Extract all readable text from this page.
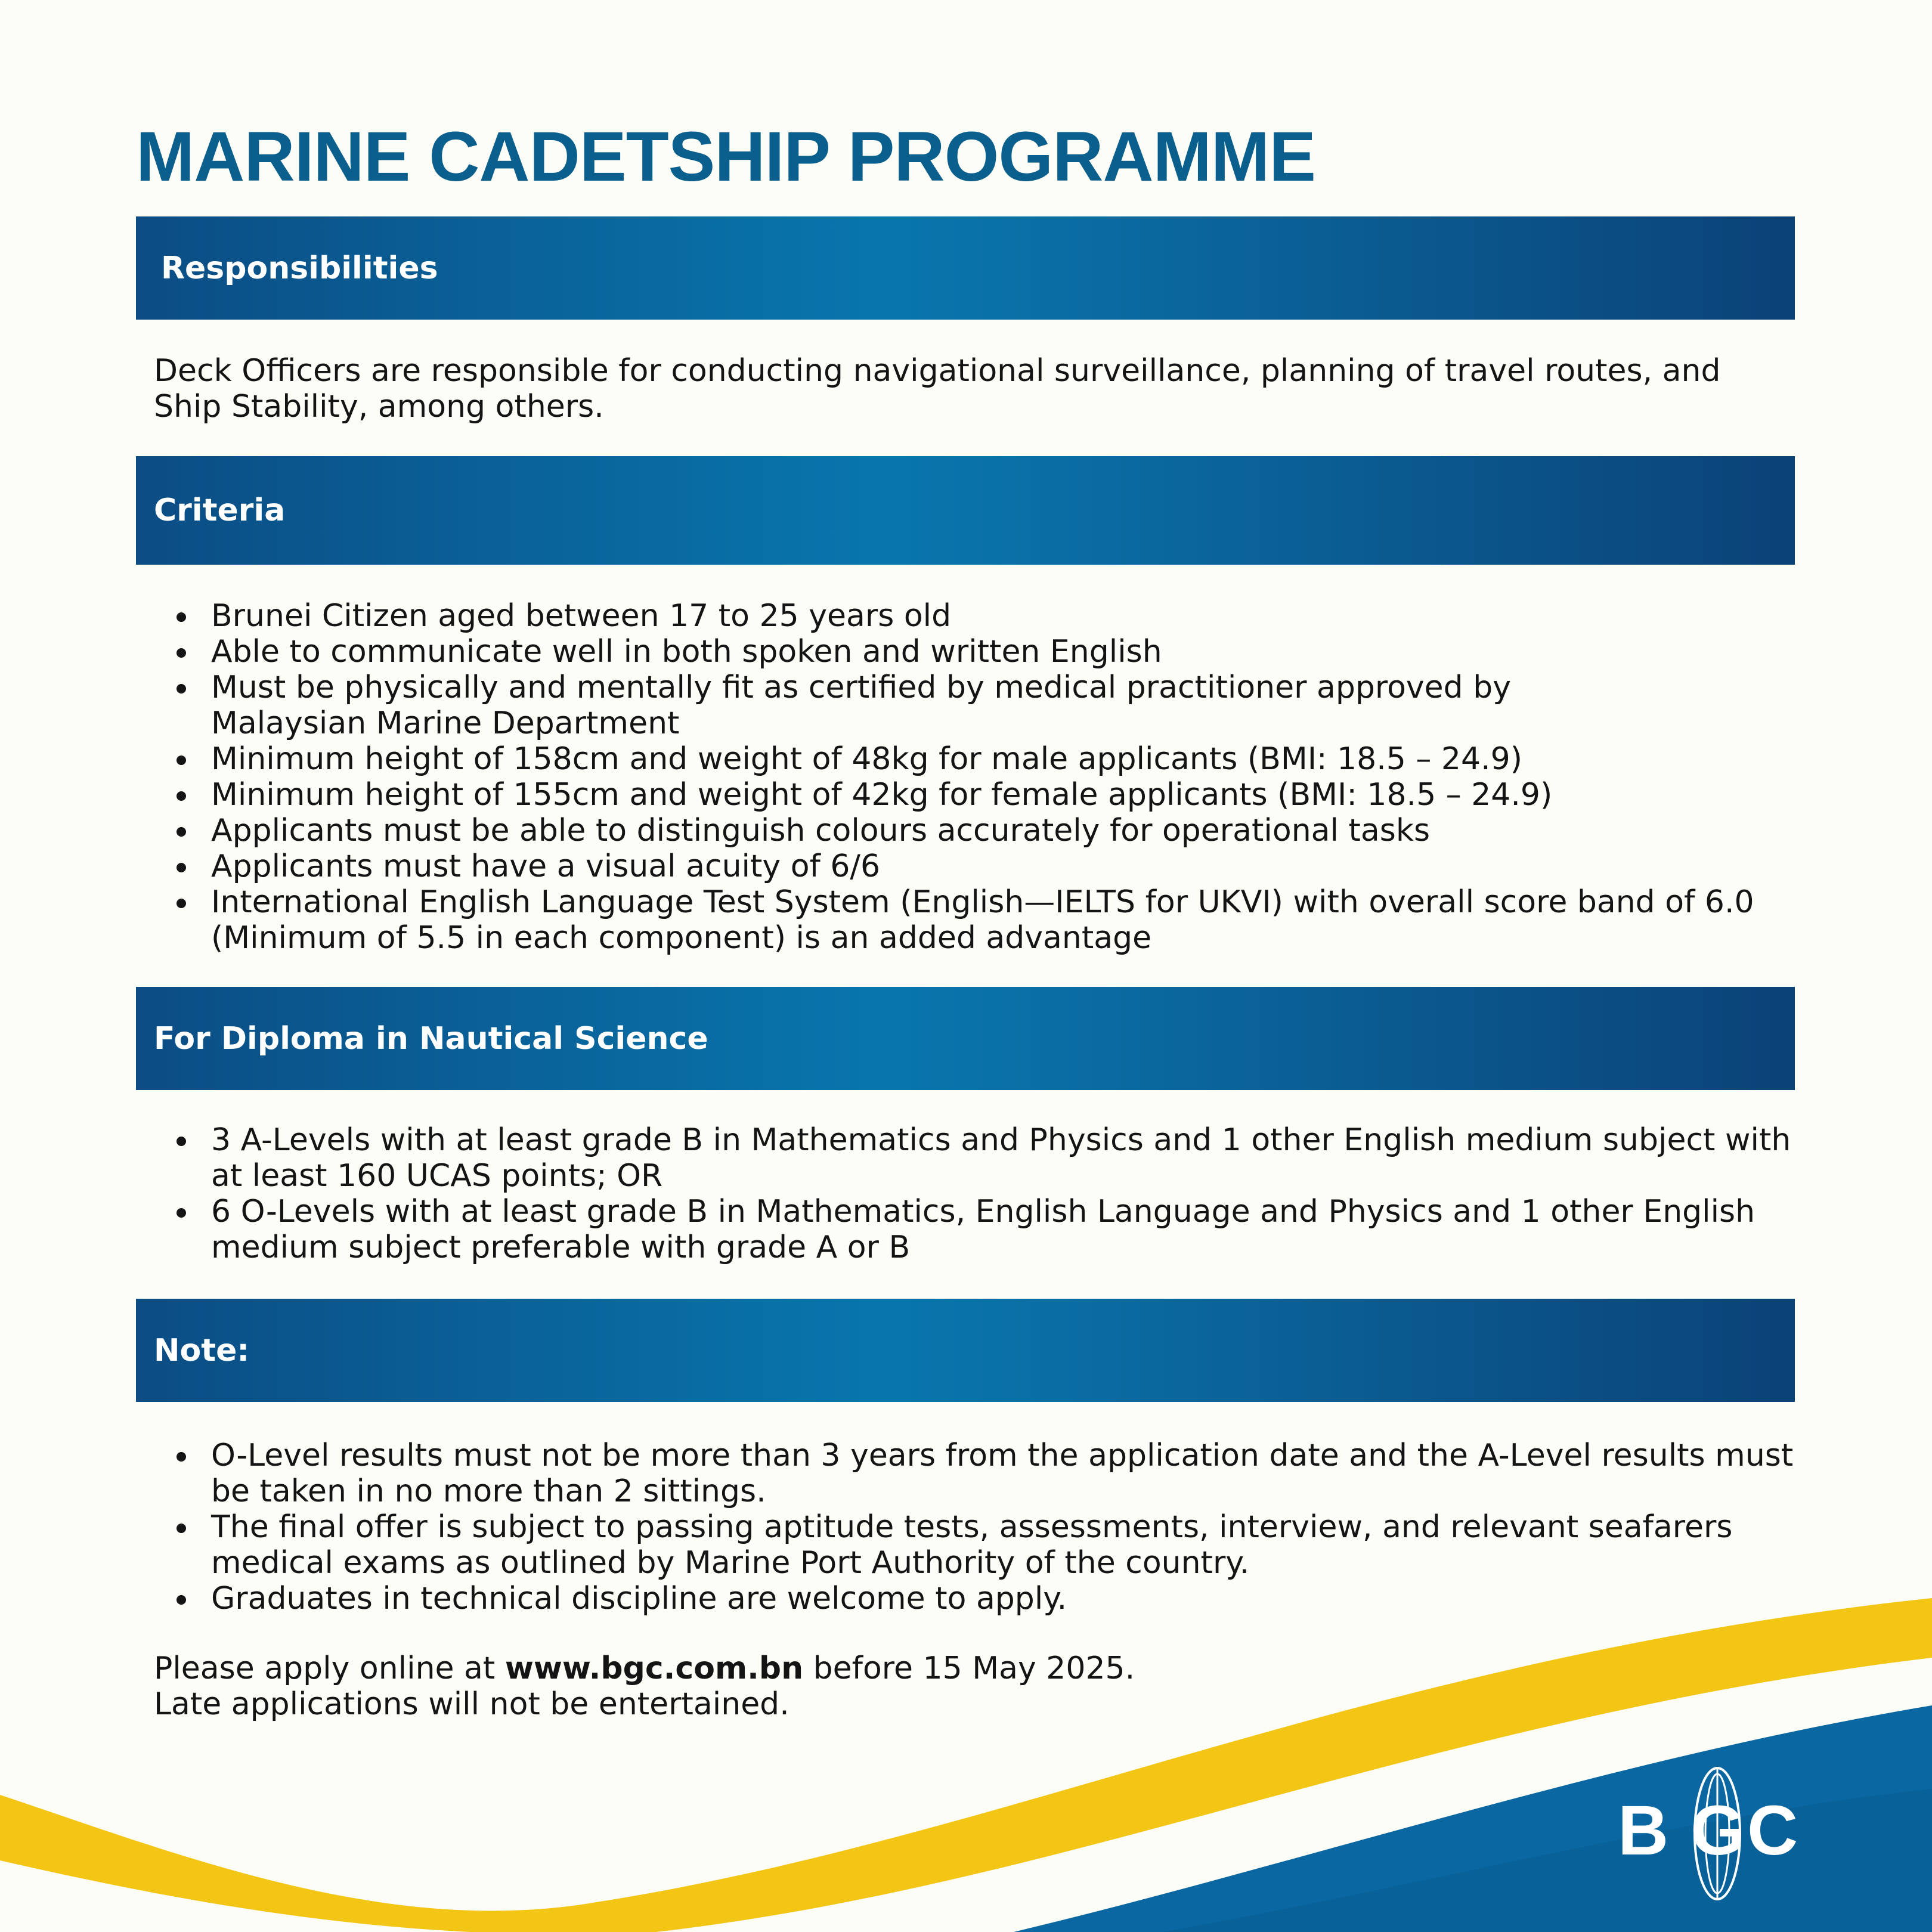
MARINE CADETSHIP PROGRAMME
Responsibilities

Deck Officers are responsible for conducting navigational surveillance, planning of travel routes, and Ship Stability, among others.

Criteria
Brunei Citizen aged between 17 to 25 years old
Able to communicate well in both spoken and written English
Must be physically and mentally fit as certified by medical practitioner approved by Malaysian Marine Department
Minimum height of 158cm and weight of 48kg for male applicants (BMI: 18.5 – 24.9)
Minimum height of 155cm and weight of 42kg for female applicants (BMI: 18.5 – 24.9)
Applicants must be able to distinguish colours accurately for operational tasks
Applicants must have a visual acuity of 6/6
International English Language Test System (English—IELTS for UKVI) with overall score band of 6.0 (Minimum of 5.5 in each component) is an added advantage
For Diploma in Nautical Science
3 A-Levels with at least grade B in Mathematics and Physics and 1 other English medium subject with at least 160 UCAS points; OR
6 O-Levels with at least grade B in Mathematics, English Language and Physics and 1 other English medium subject preferable with grade A or B
Note:
O-Level results must not be more than 3 years from the application date and the A-Level results must be taken in no more than 2 sittings.
The final offer is subject to passing aptitude tests, assessments, interview, and relevant seafarers medical exams as outlined by Marine Port Authority of the country.
Graduates in technical discipline are welcome to apply.

Please apply online at www.bgc.com.bn before 15 May 2025.
Late applications will not be entertained.

B G C
